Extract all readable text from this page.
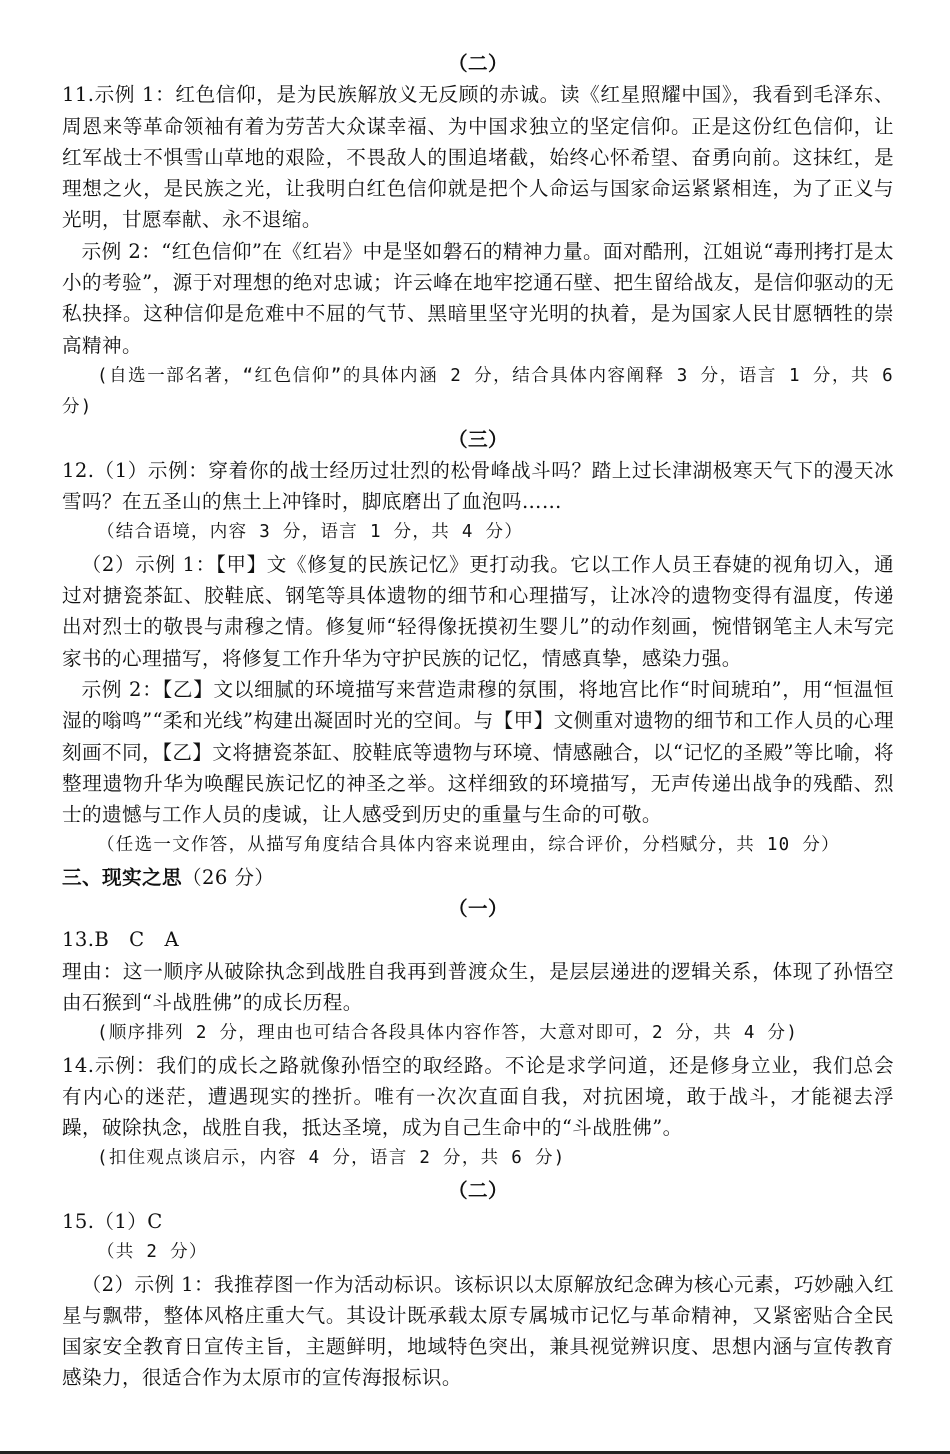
（二）

11.示例 1：红色信仰，是为民族解放义无反顾的赤诚。读《红星照耀中国》，我看到毛泽东、周恩来等革命领袖有着为劳苦大众谋幸福、为中国求独立的坚定信仰。正是这份红色信仰，让红军战士不惧雪山草地的艰险，不畏敌人的围追堵截，始终心怀希望、奋勇向前。这抹红，是理想之火，是民族之光，让我明白红色信仰就是把个人命运与国家命运紧紧相连，为了正义与光明，甘愿奉献、永不退缩。

示例 2：“红色信仰”在《红岩》中是坚如磐石的精神力量。面对酷刑，江姐说“毒刑拷打是太小的考验”，源于对理想的绝对忠诚；许云峰在地牢挖通石壁、把生留给战友，是信仰驱动的无私抉择。这种信仰是危难中不屈的气节、黑暗里坚守光明的执着，是为国家人民甘愿牺牲的崇高精神。

(自选一部名著，“红色信仰”的具体内涵 2 分，结合具体内容阐释 3 分，语言 1 分，共 6 分)

（三）

12.（1）示例：穿着你的战士经历过壮烈的松骨峰战斗吗？踏上过长津湖极寒天气下的漫天冰雪吗？在五圣山的焦土上冲锋时，脚底磨出了血泡吗……

（结合语境，内容 3 分，语言 1 分，共 4 分）

（2）示例 1：【甲】文《修复的民族记忆》更打动我。它以工作人员王春婕的视角切入，通过对搪瓷茶缸、胶鞋底、钢笔等具体遗物的细节和心理描写，让冰冷的遗物变得有温度，传递出对烈士的敬畏与肃穆之情。修复师“轻得像抚摸初生婴儿”的动作刻画，惋惜钢笔主人未写完家书的心理描写，将修复工作升华为守护民族的记忆，情感真挚，感染力强。

示例 2：【乙】文以细腻的环境描写来营造肃穆的氛围，将地宫比作“时间琥珀”，用“恒温恒湿的嗡鸣”“柔和光线”构建出凝固时光的空间。与【甲】文侧重对遗物的细节和工作人员的心理刻画不同，【乙】文将搪瓷茶缸、胶鞋底等遗物与环境、情感融合，以“记忆的圣殿”等比喻，将整理遗物升华为唤醒民族记忆的神圣之举。这样细致的环境描写，无声传递出战争的残酷、烈士的遗憾与工作人员的虔诚，让人感受到历史的重量与生命的可敬。

（任选一文作答，从描写角度结合具体内容来说理由，综合评价，分档赋分，共 10 分）

三、现实之思（26 分）

（一）

13.B　C　A

理由：这一顺序从破除执念到战胜自我再到普渡众生，是层层递进的逻辑关系，体现了孙悟空由石猴到“斗战胜佛”的成长历程。

(顺序排列 2 分，理由也可结合各段具体内容作答，大意对即可，2 分，共 4 分)

14.示例：我们的成长之路就像孙悟空的取经路。不论是求学问道，还是修身立业，我们总会有内心的迷茫，遭遇现实的挫折。唯有一次次直面自我，对抗困境，敢于战斗，才能褪去浮躁，破除执念，战胜自我，抵达圣境，成为自己生命中的“斗战胜佛”。

(扣住观点谈启示，内容 4 分，语言 2 分，共 6 分)

（二）

15.（1）C

（共 2 分）

（2）示例 1：我推荐图一作为活动标识。该标识以太原解放纪念碑为核心元素，巧妙融入红星与飘带，整体风格庄重大气。其设计既承载太原专属城市记忆与革命精神，又紧密贴合全民国家安全教育日宣传主旨，主题鲜明，地域特色突出，兼具视觉辨识度、思想内涵与宣传教育感染力，很适合作为太原市的宣传海报标识。
